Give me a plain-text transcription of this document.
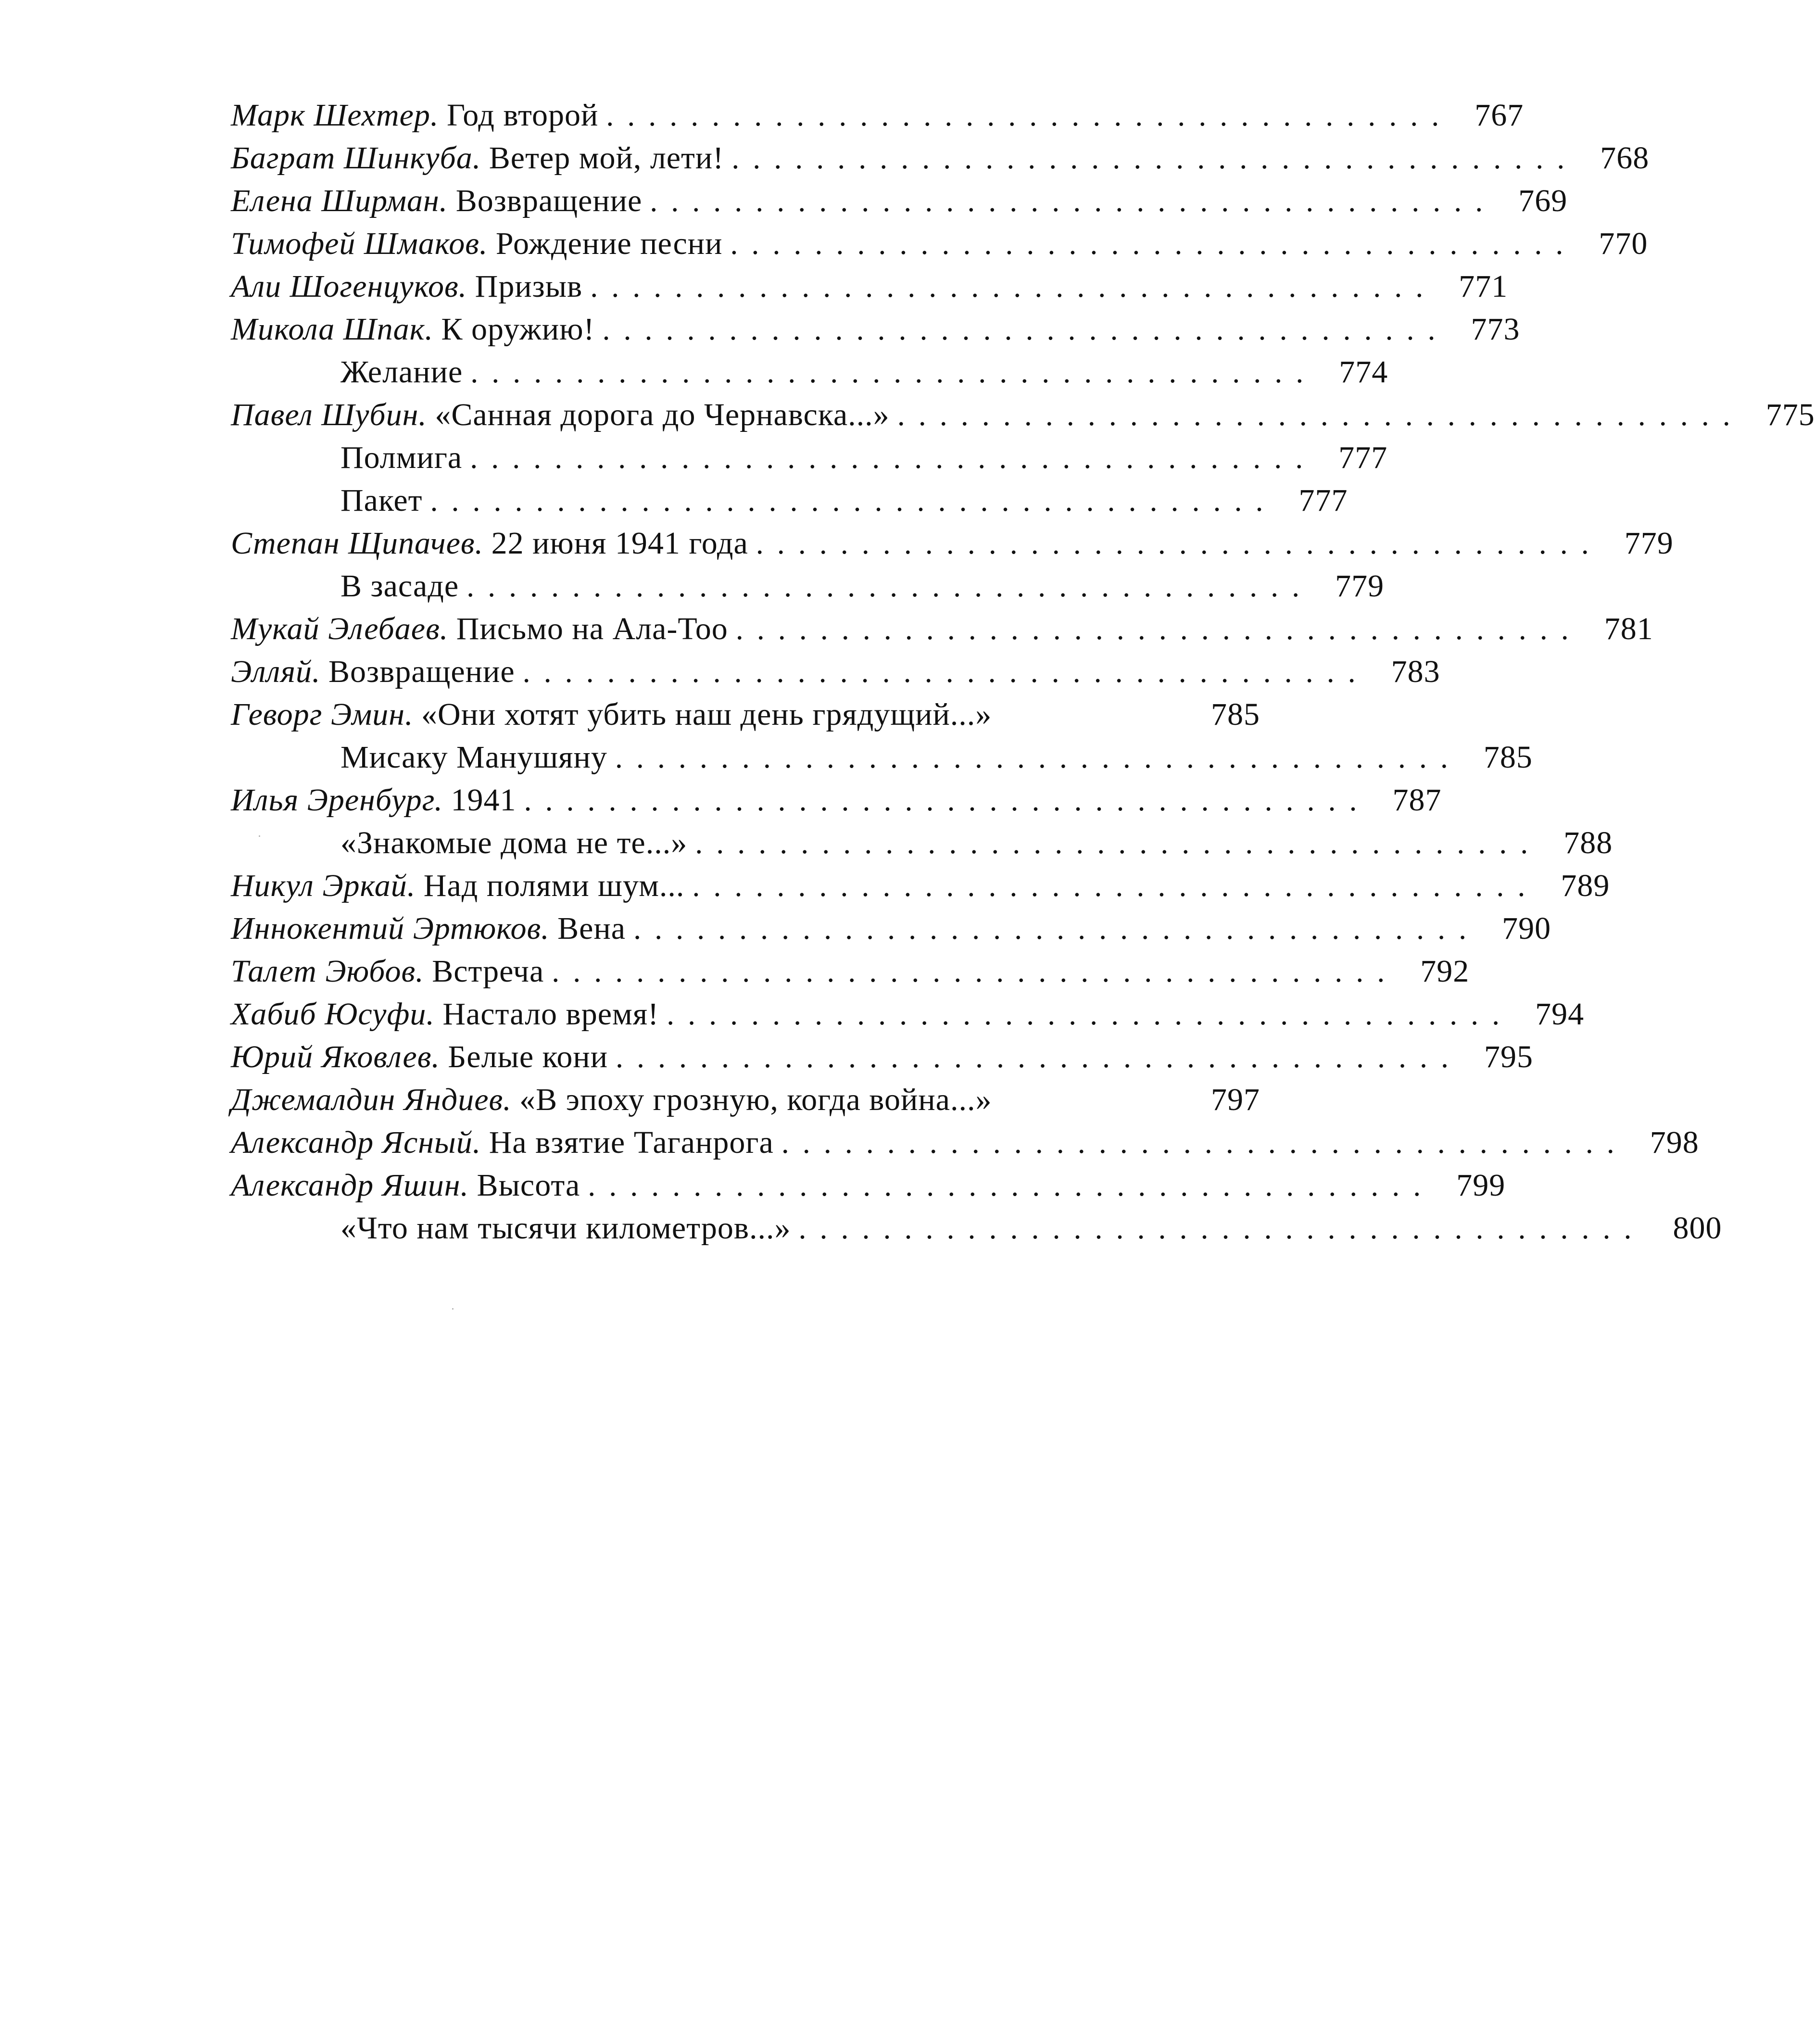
Марк Шехтер. Год второй ........................................ 767
Баграт Шинкуба. Ветер мой, лети! ........................................ 768
Елена Ширман. Возвращение ........................................ 769
Тимофей Шмаков. Рождение песни ........................................ 770
Али Шогенцуков. Призыв ........................................ 771
Микола Шпак. К оружию! ........................................ 773
Желание ........................................ 774
Павел Шубин. «Санная дорога до Чернавска...» ........................................ 775
Полмига ........................................ 777
Пакет ........................................ 777
Степан Щипачев. 22 июня 1941 года ........................................ 779
В засаде ........................................ 779
Мукай Элебаев. Письмо на Ала-Тоо ........................................ 781
Элляй. Возвращение ........................................ 783
Геворг Эмин. «Они хотят убить наш день грядущий...»	785
Мисаку Манушяну ........................................ 785
Илья Эренбург. 1941 ........................................ 787
«Знакомые дома не те...» ........................................ 788
Никул Эркай. Над полями шум... ........................................ 789
Иннокентий Эртюков. Вена ........................................ 790
Талет Эюбов. Встреча ........................................ 792
Хабиб Юсуфи. Настало время! ........................................ 794
Юрий Яковлев. Белые кони ........................................ 795
Джемалдин Яндиев. «В эпоху грозную, когда война...»	797
Александр Ясный. На взятие Таганрога ........................................ 798
Александр Яшин. Высота ........................................ 799
«Что нам тысячи километров...» ........................................ 800
